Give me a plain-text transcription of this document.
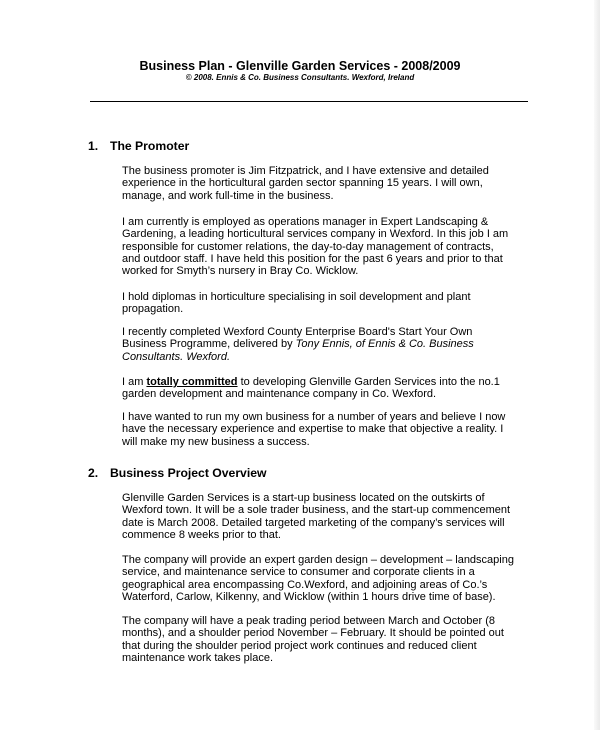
Business Plan - Glenville Garden Services - 2008/2009
© 2008. Ennis & Co. Business Consultants. Wexford, Ireland
1. The Promoter
The business promoter is Jim Fitzpatrick, and I have extensive and detailed
experience in the horticultural garden sector spanning 15 years. I will own,
manage, and work full-time in the business.
I am currently is employed as operations manager in Expert Landscaping &
Gardening, a leading horticultural services company in Wexford. In this job I am
responsible for customer relations, the day-to-day management of contracts,
and outdoor staff. I have held this position for the past 6 years and prior to that
worked for Smyth’s nursery in Bray Co. Wicklow.
I hold diplomas in horticulture specialising in soil development and plant
propagation.
I recently completed Wexford County Enterprise Board's Start Your Own
Business Programme, delivered by Tony Ennis, of Ennis & Co. Business
Consultants. Wexford.
I am totally committed to developing Glenville Garden Services into the no.1
garden development and maintenance company in Co. Wexford.
I have wanted to run my own business for a number of years and believe I now
have the necessary experience and expertise to make that objective a reality. I
will make my new business a success.
2. Business Project Overview
Glenville Garden Services is a start-up business located on the outskirts of
Wexford town. It will be a sole trader business, and the start-up commencement
date is March 2008. Detailed targeted marketing of the company’s services will
commence 8 weeks prior to that.
The company will provide an expert garden design – development – landscaping
service, and maintenance service to consumer and corporate clients in a
geographical area encompassing Co.Wexford, and adjoining areas of Co.’s
Waterford, Carlow, Kilkenny, and Wicklow (within 1 hours drive time of base).
The company will have a peak trading period between March and October (8
months), and a shoulder period November – February. It should be pointed out
that during the shoulder period project work continues and reduced client
maintenance work takes place.
